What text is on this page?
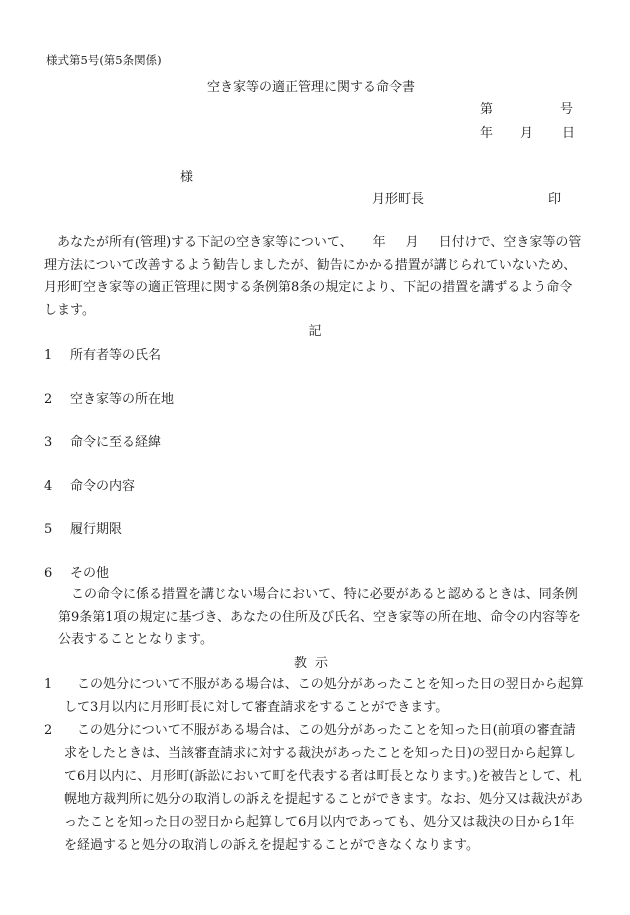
様式第5号(第5条関係)
空き家等の適正管理に関する命令書
第	号
年 月 日
様
月形町長	印

あなたが所有(管理)する下記の空き家等について、 年 月 日付けで、空き家等の管理方法について改善するよう勧告しましたが、勧告にかかる措置が講じられていないため、月形町空き家等の適正管理に関する条例第8条の規定により、下記の措置を講ずるよう命令します。

記
1 所有者等の氏名
2 空き家等の所在地
3 命令に至る経緯
4 命令の内容
5 履行期限
6 その他
この命令に係る措置を講じない場合において、特に必要があると認めるときは、同条例第9条第1項の規定に基づき、あなたの住所及び氏名、空き家等の所在地、命令の内容等を公表することとなります。
教示
1	この処分について不服がある場合は、この処分があったことを知った日の翌日から起算して3月以内に月形町長に対して審査請求をすることができます。
2	この処分について不服がある場合は、この処分があったことを知った日(前項の審査請求をしたときは、当該審査請求に対する裁決があったことを知った日)の翌日から起算して6月以内に、月形町(訴訟において町を代表する者は町長となります。)を被告として、札幌地方裁判所に処分の取消しの訴えを提起することができます。なお、処分又は裁決があったことを知った日の翌日から起算して6月以内であっても、処分又は裁決の日から1年を経過すると処分の取消しの訴えを提起することができなくなります。
